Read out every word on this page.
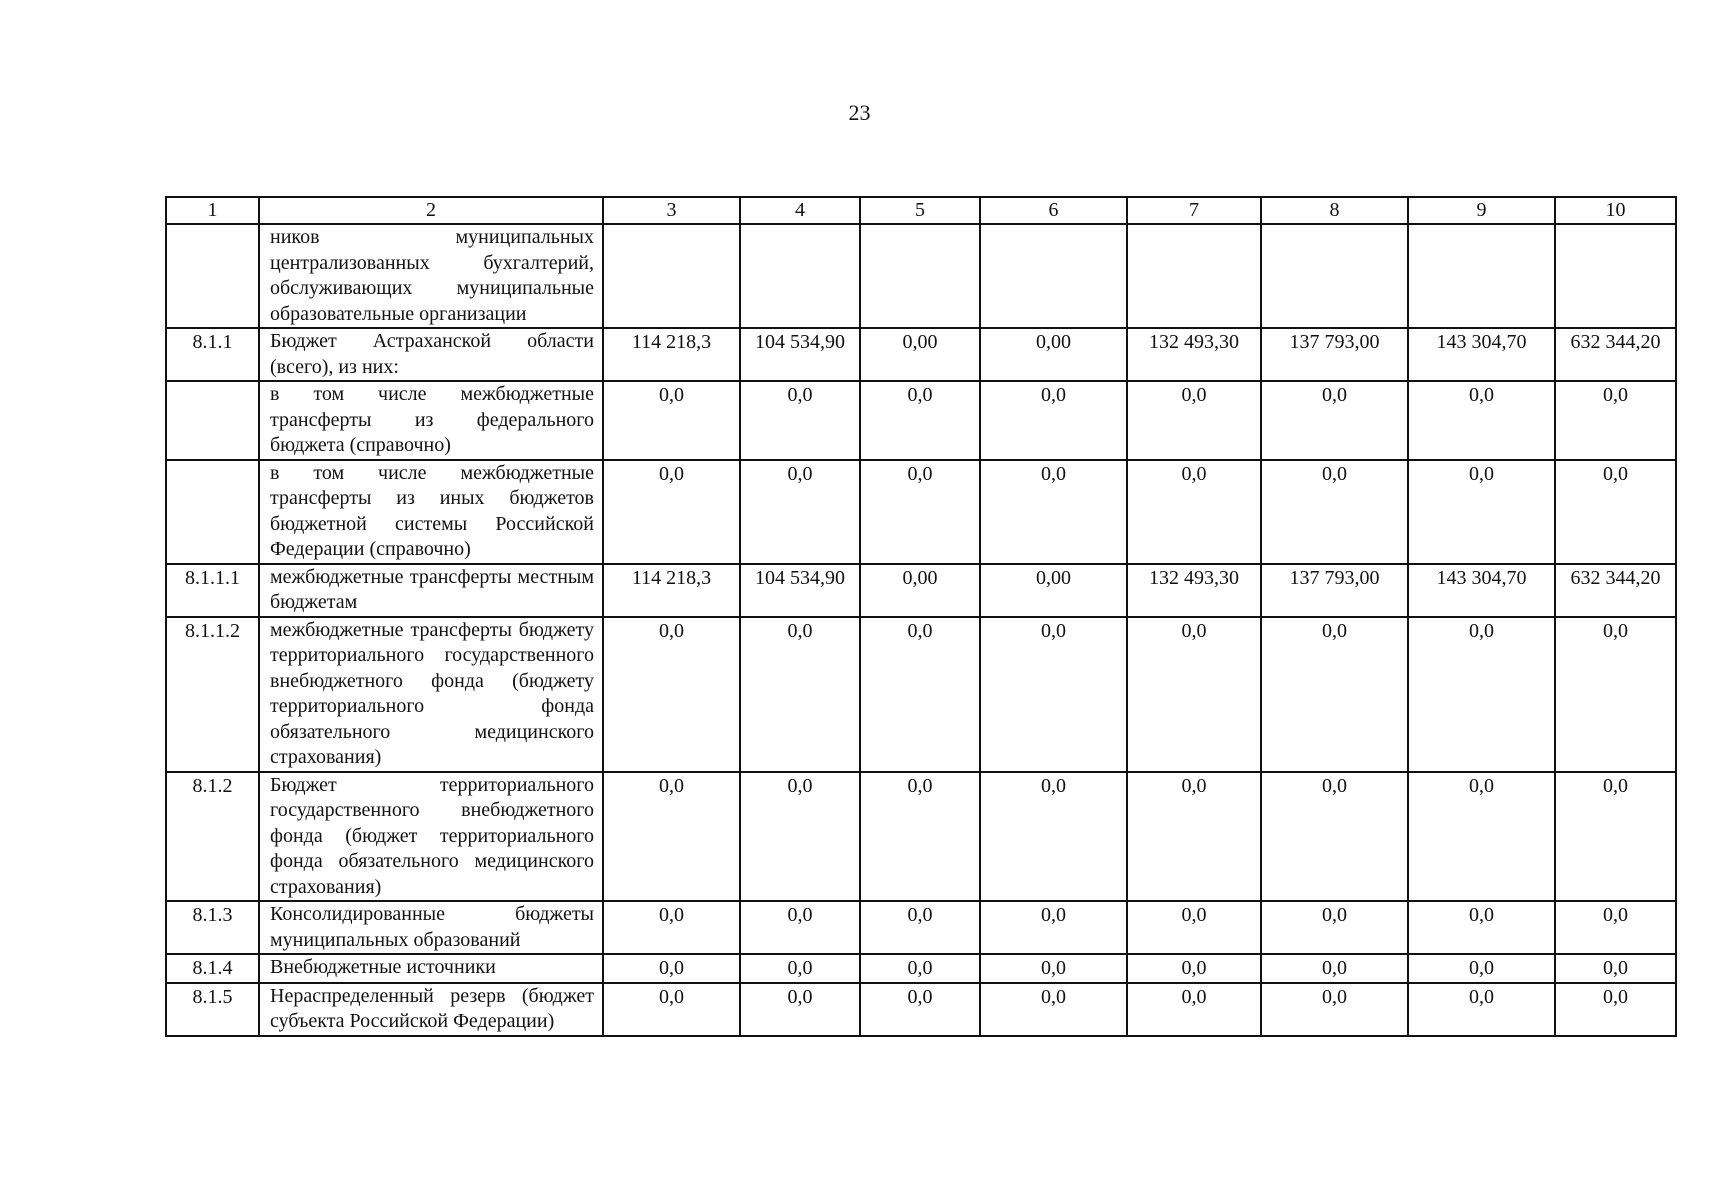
23
1	2	3	4	5	6	7	8	9	10
	ников муниципальных централизованных бухгалтерий, обслуживающих муниципальные образовательные организации								
8.1.1	Бюджет Астраханской области (всего), из них:	114 218,3	104 534,90	0,00	0,00	132 493,30	137 793,00	143 304,70	632 344,20
	в том числе межбюджетные трансферты из федерального бюджета (справочно)	0,0	0,0	0,0	0,0	0,0	0,0	0,0	0,0
	в том числе межбюджетные трансферты из иных бюджетов бюджетной системы Российской Федерации (справочно)	0,0	0,0	0,0	0,0	0,0	0,0	0,0	0,0
8.1.1.1	межбюджетные трансферты местным бюджетам	114 218,3	104 534,90	0,00	0,00	132 493,30	137 793,00	143 304,70	632 344,20
8.1.1.2	межбюджетные трансферты бюджету территориального государственного внебюджетного фонда (бюджету территориального фонда обязательного медицинского страхования)	0,0	0,0	0,0	0,0	0,0	0,0	0,0	0,0
8.1.2	Бюджет территориального государственного внебюджетного фонда (бюджет территориального фонда обязательного медицинского страхования)	0,0	0,0	0,0	0,0	0,0	0,0	0,0	0,0
8.1.3	Консолидированные бюджеты муниципальных образований	0,0	0,0	0,0	0,0	0,0	0,0	0,0	0,0
8.1.4	Внебюджетные источники	0,0	0,0	0,0	0,0	0,0	0,0	0,0	0,0
8.1.5	Нераспределенный резерв (бюджет субъекта Российской Федерации)	0,0	0,0	0,0	0,0	0,0	0,0	0,0	0,0
